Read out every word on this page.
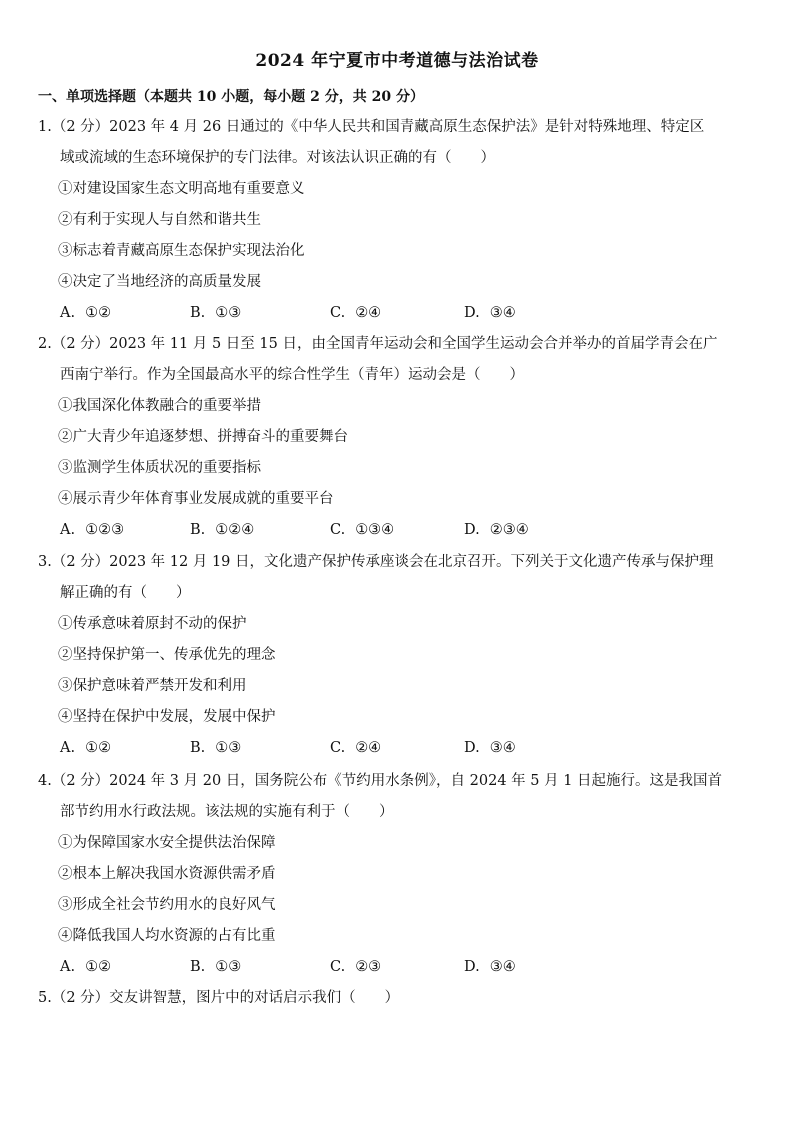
2024 年宁夏市中考道德与法治试卷
一、单项选择题（本题共 10 小题，每小题 2 分，共 20 分）
1.（2 分）2023 年 4 月 26 日通过的《中华人民共和国青藏高原生态保护法》是针对特殊地理、特定区
域或流域的生态环境保护的专门法律。对该法认识正确的有（　　）
①对建设国家生态文明高地有重要意义
②有利于实现人与自然和谐共生
③标志着青藏高原生态保护实现法治化
④决定了当地经济的高质量发展
A. ①②	B. ①③	C. ②④	D. ③④
2.（2 分）2023 年 11 月 5 日至 15 日，由全国青年运动会和全国学生运动会合并举办的首届学青会在广
西南宁举行。作为全国最高水平的综合性学生（青年）运动会是（　　）
①我国深化体教融合的重要举措
②广大青少年追逐梦想、拼搏奋斗的重要舞台
③监测学生体质状况的重要指标
④展示青少年体育事业发展成就的重要平台
A. ①②③	B. ①②④	C. ①③④	D. ②③④
3.（2 分）2023 年 12 月 19 日，文化遗产保护传承座谈会在北京召开。下列关于文化遗产传承与保护理
解正确的有（　　）
①传承意味着原封不动的保护
②坚持保护第一、传承优先的理念
③保护意味着严禁开发和利用
④坚持在保护中发展，发展中保护
A. ①②	B. ①③	C. ②④	D. ③④
4.（2 分）2024 年 3 月 20 日，国务院公布《节约用水条例》，自 2024 年 5 月 1 日起施行。这是我国首
部节约用水行政法规。该法规的实施有利于（　　）
①为保障国家水安全提供法治保障
②根本上解决我国水资源供需矛盾
③形成全社会节约用水的良好风气
④降低我国人均水资源的占有比重
A. ①②	B. ①③	C. ②③	D. ③④
5.（2 分）交友讲智慧，图片中的对话启示我们（　　）
